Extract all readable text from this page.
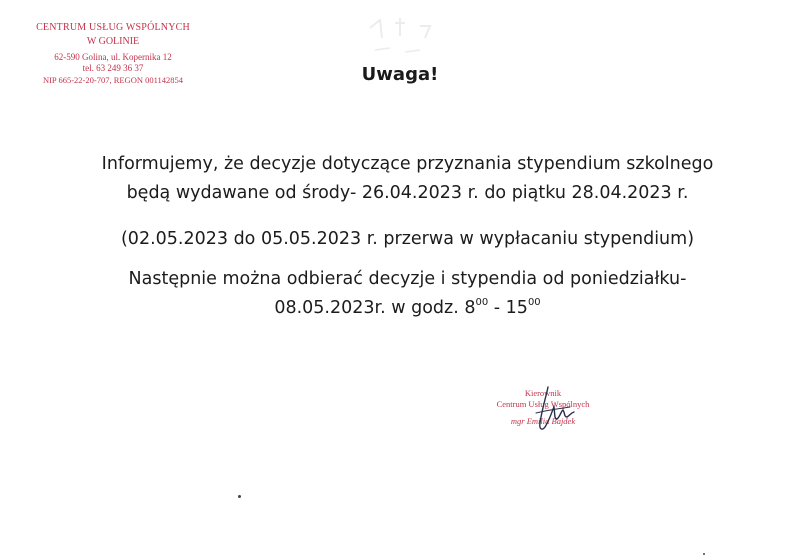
CENTRUM USŁUG WSPÓLNYCH
W GOLINIE
62-590 Golina, ul. Kopernika 12
tel. 63 249 36 37
NIP 665-22-20-707, REGON 001142854	Uwaga!
Informujemy, że decyzje dotyczące przyznania stypendium szkolnego
będą wydawane od środy- 26.04.2023 r. do piątku 28.04.2023 r.
(02.05.2023 do 05.05.2023 r. przerwa w wypłacaniu stypendium)
Następnie można odbierać decyzje i stypendia od poniedziałku-
08.05.2023r. w godz. $8^{00} - 15^{00}$
Kierownik
Centrum Usług Wspólnych
mgr Emilia Bajdek
